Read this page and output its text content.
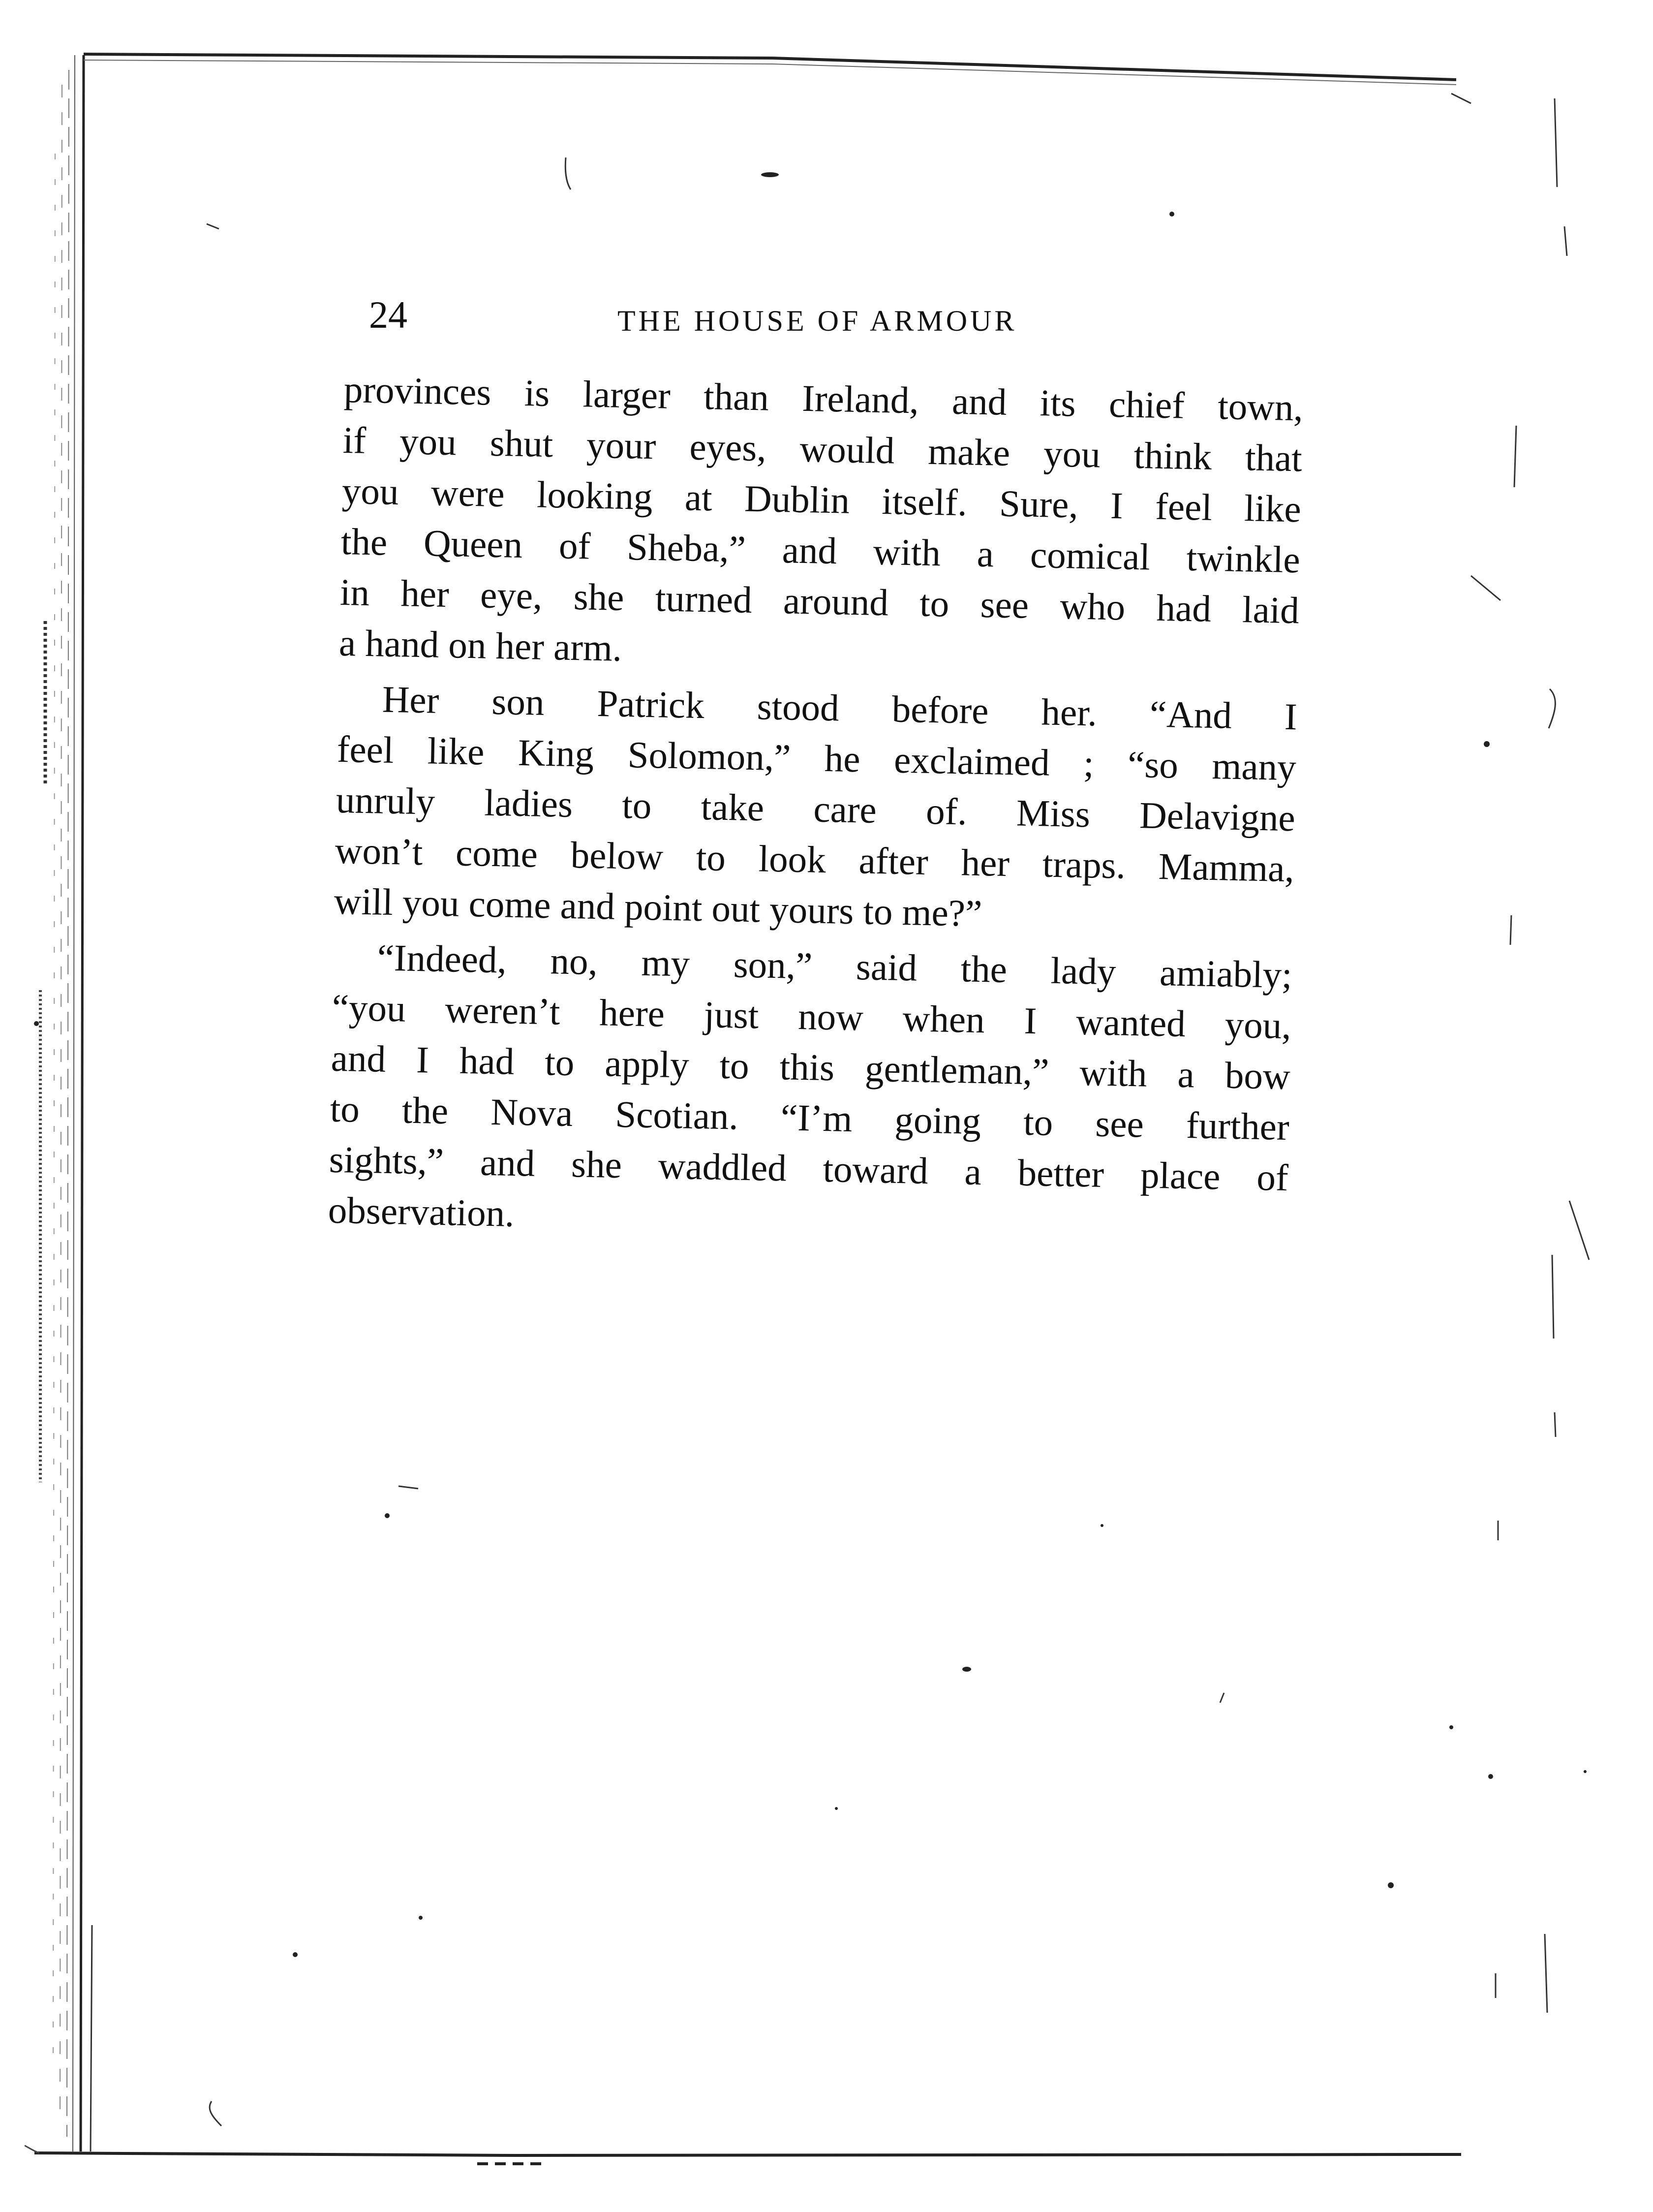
24	THE HOUSE OF ARMOUR
provinces is larger than Ireland, and its chief town,
if you shut your eyes, would make you think that
you were looking at Dublin itself. Sure, I feel like
the Queen of Sheba,” and with a comical twinkle
in her eye, she turned around to see who had laid
a hand on her arm.
Her son Patrick stood before her. “And I
feel like King Solomon,” he exclaimed ; “so many
unruly ladies to take care of. Miss Delavigne
won’t come below to look after her traps. Mamma,
will you come and point out yours to me?”
“Indeed, no, my son,” said the lady amiably;
“you weren’t here just now when I wanted you,
and I had to apply to this gentleman,” with a bow
to the Nova Scotian. “I’m going to see further
sights,” and she waddled toward a better place of
observation.
